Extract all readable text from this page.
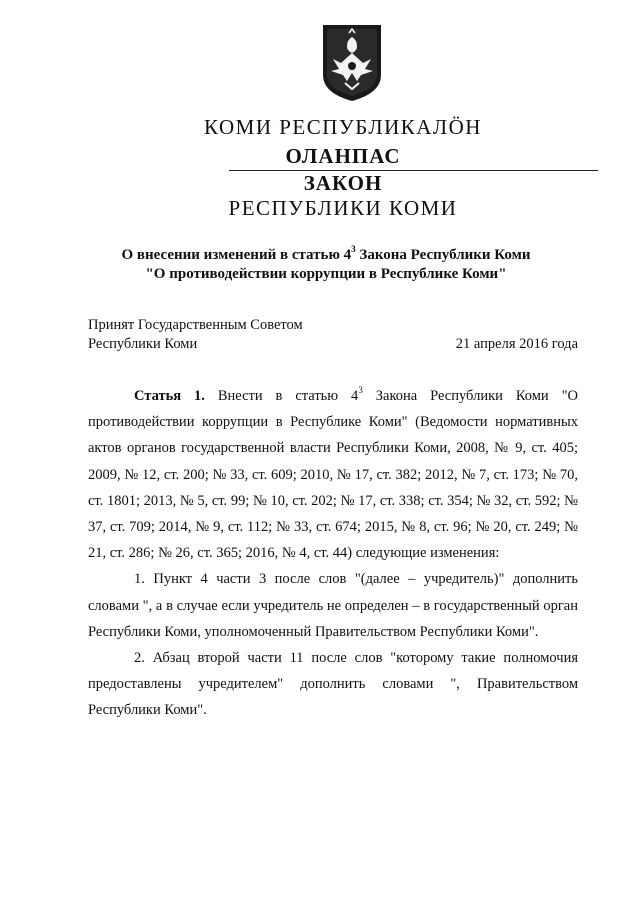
КОМИ РЕСПУБЛИКАЛӦН
ОЛАНПАС
ЗАКОН
РЕСПУБЛИКИ КОМИ
О внесении изменений в статью $4^3$ Закона Республики Коми
"О противодействии коррупции в Республике Коми"
Принят Государственным Советом
Республики Коми	21 апреля 2016 года

Статья 1. Внести в статью $4^3$ Закона Республики Коми "О противодействии коррупции в Республике Коми" (Ведомости нормативных актов органов государственной власти Республики Коми, 2008, № 9, ст. 405; 2009, № 12, ст. 200; № 33, ст. 609; 2010, № 17, ст. 382; 2012, № 7, ст. 173; № 70, ст. 1801; 2013, № 5, ст. 99; № 10, ст. 202; № 17, ст. 338; ст. 354; № 32, ст. 592; № 37, ст. 709; 2014, № 9, ст. 112; № 33, ст. 674; 2015, № 8, ст. 96; № 20, ст. 249; № 21, ст. 286; № 26, ст. 365; 2016, № 4, ст. 44) следующие изменения:

1. Пункт 4 части 3 после слов "(далее – учредитель)" дополнить словами ", а в случае если учредитель не определен – в государственный орган Республики Коми, уполномоченный Правительством Республики Коми".

2. Абзац второй части 11 после слов "которому такие полномочия предоставлены учредителем" дополнить словами ", Правительством Республики Коми".
